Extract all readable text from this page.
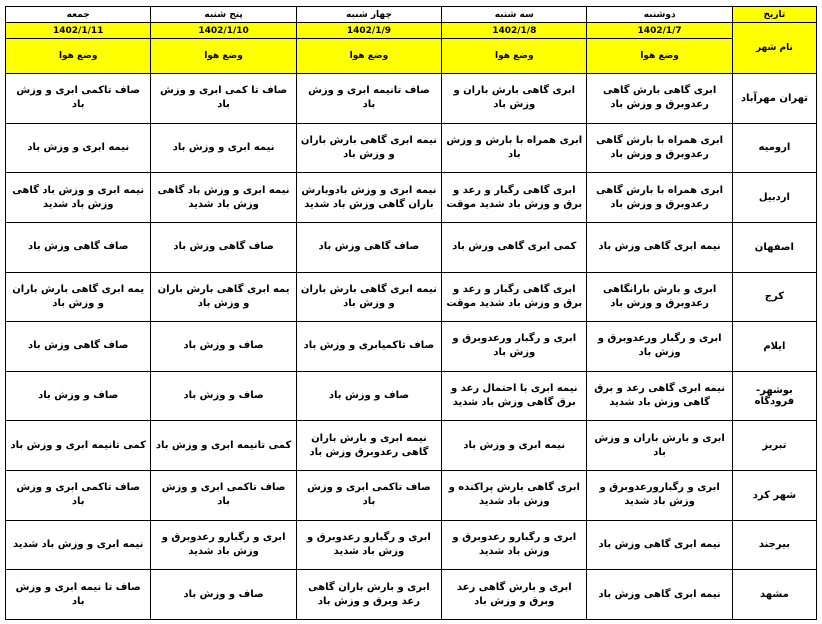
تاریخ	دوشنبه	سه شنبه	چهار شنبه	پنج شنبه	جمعه
نام شهر	1402/1/7	1402/1/8	1402/1/9	1402/1/10	1402/1/11
	وضع هوا	وضع هوا	وضع هوا	وضع هوا	وضع هوا
تهران مهرآباد	ابری گاهی بارش گاهی رعدوبرق و وزش باد	ابری گاهی بارش باران و وزش باد	صاف تانیمه ابری و وزش باد	صاف تا کمی ابری و وزش باد	صاف تاکمی ابری و وزش باد
ارومیه	ابری همراه با بارش گاهی رعدوبرق و وزش باد	ابری همراه با بارش و وزش باد	نیمه ابری گاهی بارش باران و وزش باد	نیمه ابری و وزش باد	نیمه ابری و وزش باد
اردبیل	ابری همراه با بارش گاهی رعدوبرق و وزش باد	ابری گاهی رگبار و رعد و برق و وزش باد شدید موقت	نیمه ابری و وزش بادوبارش باران گاهی وزش باد شدید	نیمه ابری و وزش باد گاهی وزش باد شدید	نیمه ابری و وزش باد گاهی وزش باد شدید
اصفهان	نیمه ابری گاهی وزش باد	کمی ابری گاهی وزش باد	صاف گاهی وزش باد	صاف گاهی وزش باد	صاف گاهی وزش باد
کرج	ابری و بارش بارانگاهی رعدوبرق و وزش باد	ابری گاهی رگبار و رعد و برق و وزش باد شدید موقت	نیمه ابری گاهی بارش باران و وزش باد	یمه ابری گاهی بارش باران و وزش باد	یمه ابری گاهی بارش باران و وزش باد
ایلام	ابری و رگبار ورعدوبرق و وزش باد	ابری و رگبار ورعدوبرق و وزش باد	صاف تاکمیابری و وزش باد	صاف و وزش باد	صاف گاهی وزش باد
بوشهر- فرودگاه	نیمه ابری گاهی رعد و برق گاهی وزش باد شدید	نیمه ابری با احتمال رعد و برق گاهی وزش باد شدید	صاف و وزش باد	صاف و وزش باد	صاف و وزش باد
تبریز	ابری و بارش باران و وزش باد	نیمه ابری و وزش باد	نیمه ابری و بارش باران گاهی رعدوبرق وزش باد	کمی تانیمه ابری و وزش باد	کمی تانیمه ابری و وزش باد
شهر کرد	ابری و رگبارورعدوبرق و وزش باد شدید	ابری گاهی بارش پراکنده و وزش باد شدید	صاف تاکمی ابری و وزش باد	صاف تاکمی ابری و وزش باد	صاف تاکمی ابری و وزش باد
بیرجند	نیمه ابری گاهی وزش باد	ابری و رگبارو رعدوبرق و وزش باد شدید	ابری و رگبارو رعدوبرق و وزش باد شدید	ابری و رگبارو رعدوبرق و وزش باد شدید	نیمه ابری و وزش باد شدید
مشهد	نیمه ابری گاهی وزش باد	ابری و بارش گاهی رعد وبرق و وزش باد	ابری و بارش باران گاهی رعد وبرق و وزش باد	صاف و وزش باد	صاف تا نیمه ابری و وزش باد
